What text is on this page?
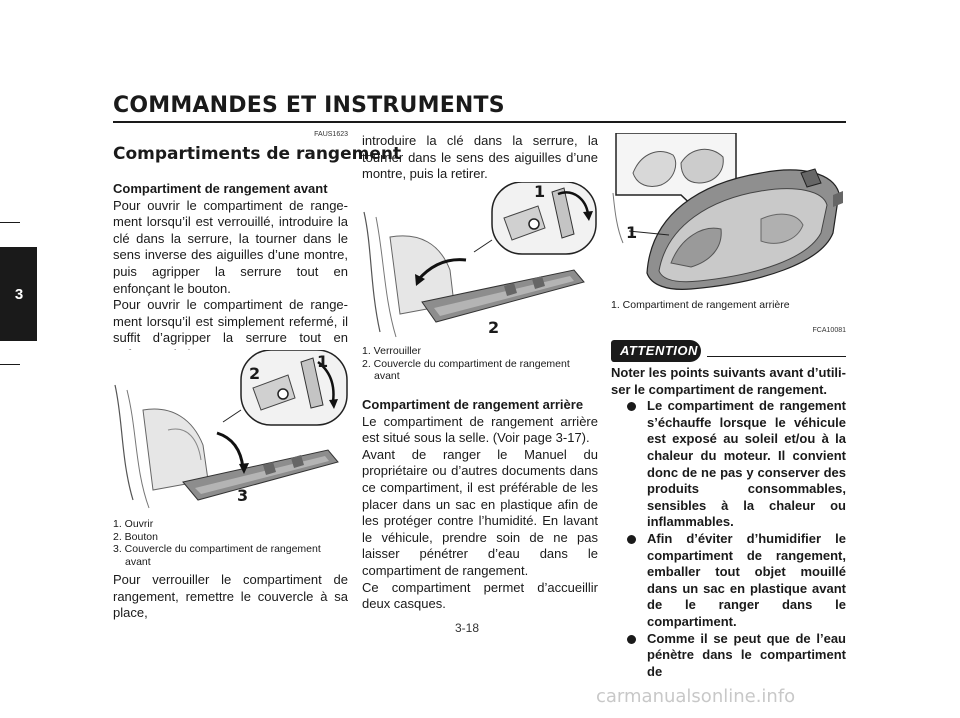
COMMANDES ET INSTRUMENTS
3
FAUS1623
Compartiments de rangement

Compartiment de rangement avant

Pour ouvrir le compartiment de rangement lorsqu’il est verrouillé, introduire la clé dans la serrure, la tourner dans le sens inverse des aiguilles d’une montre, puis agripper la serrure tout en enfonçant le bouton.

Pour ouvrir le compartiment de rangement lorsqu’il est simplement refermé, il suffit d’agripper la serrure tout en

1
2
3

1. Ouvrir

2. Bouton

3. Couvercle du compartiment de rangement

avant

Pour verrouiller le compartiment de rangement, remettre le couvercle à sa place,

introduire la clé dans la serrure, la tourner dans le sens des aiguilles d’une montre, puis la retirer.

1
2

1. Verrouiller

2. Couvercle du compartiment de rangement

avant

Compartiment de rangement arrière

Le compartiment de rangement arrière est situé sous la selle. (Voir page 3-17).

Avant de ranger le Manuel du propriétaire ou d’autres documents dans ce compartiment, il est préférable de les placer dans un sac en plastique afin de les protéger contre l’humidité. En lavant le véhicule, prendre soin de ne pas laisser pénétrer d’eau dans le compartiment de rangement.

Ce compartiment permet d’accueillir deux casques.

1

1. Compartiment de rangement arrière

FCA10081
ATTENTION

Noter les points suivants avant d’utiliser le compartiment de rangement.

Le compartiment de rangement s’échauffe lorsque le véhicule est exposé au soleil et/ou à la chaleur du moteur. Il convient donc de ne pas y conserver des produits consommables, sensibles à la chaleur ou inflammables.

Afin d’éviter d’humidifier le compartiment de rangement, emballer tout objet mouillé dans un sac en plastique avant de le ranger dans le compartiment.

Comme il se peut que de l’eau pénètre dans le compartiment de

3-18
carmanualsonline.info
